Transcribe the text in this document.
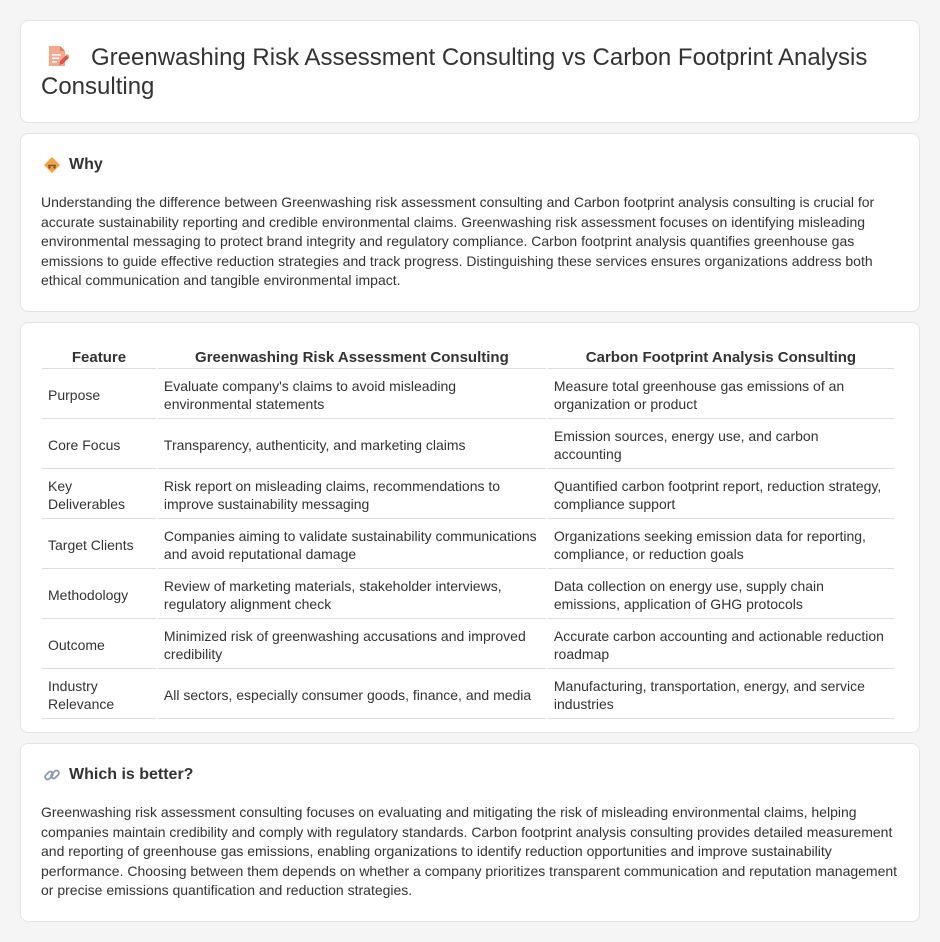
Greenwashing Risk Assessment Consulting vs Carbon Footprint Analysis Consulting
Why

Understanding the difference between Greenwashing risk assessment consulting and Carbon footprint analysis consulting is crucial for accurate sustainability reporting and credible environmental claims. Greenwashing risk assessment focuses on identifying misleading environmental messaging to protect brand integrity and regulatory compliance. Carbon footprint analysis quantifies greenhouse gas emissions to guide effective reduction strategies and track progress. Distinguishing these services ensures organizations address both ethical communication and tangible environmental impact.

Feature	Greenwashing Risk Assessment Consulting	Carbon Footprint Analysis Consulting
Purpose	Evaluate company's claims to avoid misleading environmental statements	Measure total greenhouse gas emissions of an organization or product
Core Focus	Transparency, authenticity, and marketing claims	Emission sources, energy use, and carbon accounting
Key Deliverables	Risk report on misleading claims, recommendations to improve sustainability messaging	Quantified carbon footprint report, reduction strategy, compliance support
Target Clients	Companies aiming to validate sustainability communications and avoid reputational damage	Organizations seeking emission data for reporting, compliance, or reduction goals
Methodology	Review of marketing materials, stakeholder interviews, regulatory alignment check	Data collection on energy use, supply chain emissions, application of GHG protocols
Outcome	Minimized risk of greenwashing accusations and improved credibility	Accurate carbon accounting and actionable reduction roadmap
Industry Relevance	All sectors, especially consumer goods, finance, and media	Manufacturing, transportation, energy, and service industries
Which is better?

Greenwashing risk assessment consulting focuses on evaluating and mitigating the risk of misleading environmental claims, helping companies maintain credibility and comply with regulatory standards. Carbon footprint analysis consulting provides detailed measurement and reporting of greenhouse gas emissions, enabling organizations to identify reduction opportunities and improve sustainability performance. Choosing between them depends on whether a company prioritizes transparent communication and reputation management or precise emissions quantification and reduction strategies.
